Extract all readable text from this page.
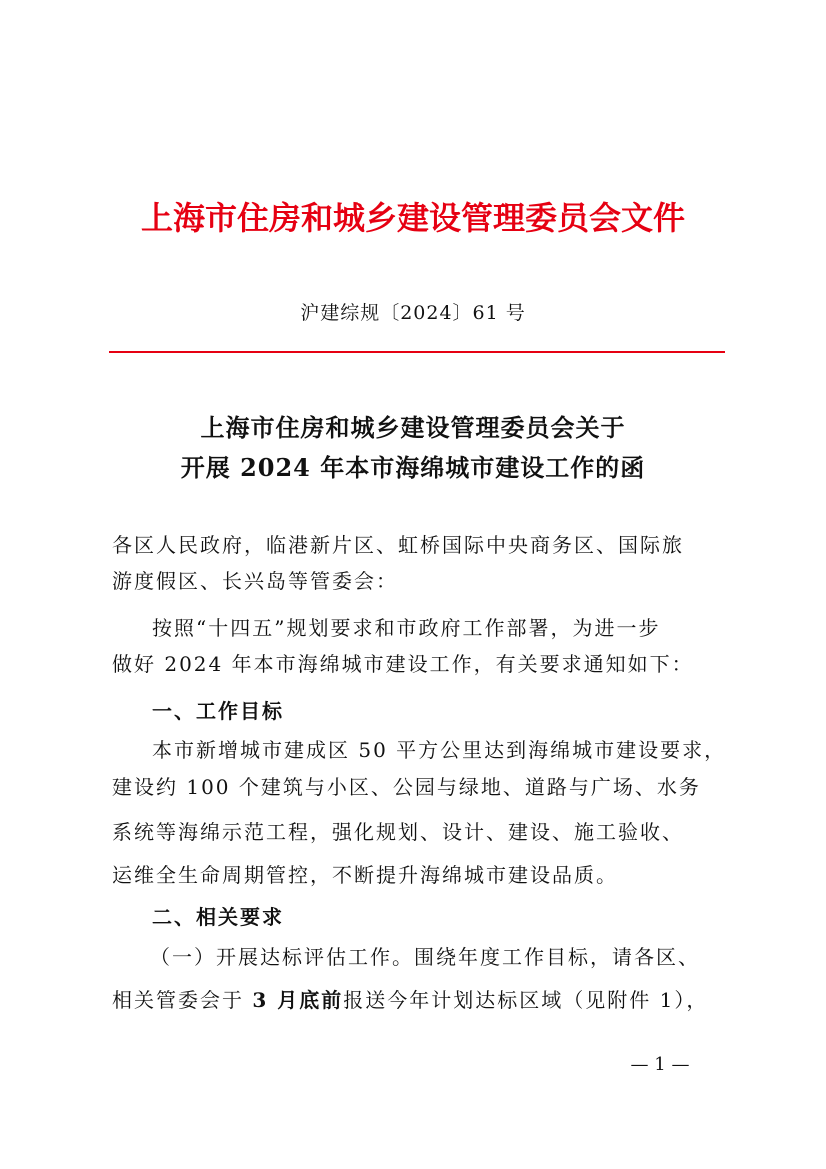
上海市住房和城乡建设管理委员会文件
沪建综规〔2024〕61 号
上海市住房和城乡建设管理委员会关于
开展 2024 年本市海绵城市建设工作的函
各区人民政府，临港新片区、虹桥国际中央商务区、国际旅
游度假区、长兴岛等管委会：
按照“十四五”规划要求和市政府工作部署，为进一步
做好 2024 年本市海绵城市建设工作，有关要求通知如下：
一、工作目标
本市新增城市建成区 50 平方公里达到海绵城市建设要求，
建设约 100 个建筑与小区、公园与绿地、道路与广场、水务
系统等海绵示范工程，强化规划、设计、建设、施工验收、
运维全生命周期管控，不断提升海绵城市建设品质。
二、相关要求
（一）开展达标评估工作。围绕年度工作目标，请各区、
相关管委会于 3 月底前报送今年计划达标区域（见附件 1），
— 1 —
